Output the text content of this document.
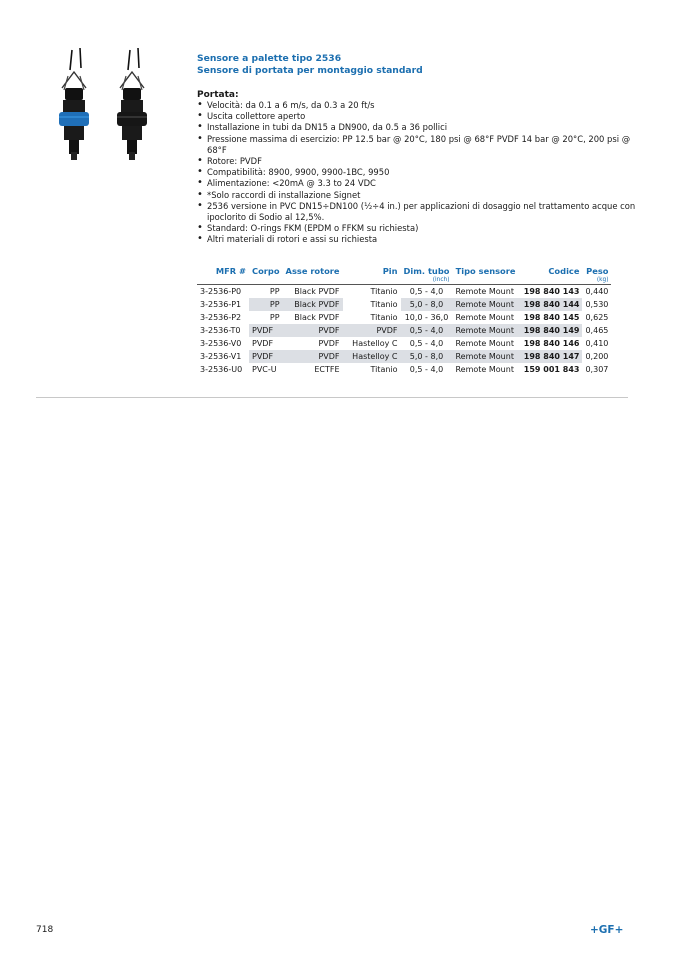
Sensore a palette tipo 2536
Sensore di portata per montaggio standard
Portata:
• Velocità: da 0.1 a 6 m/s, da 0.3 a 20 ft/s
• Uscita collettore aperto
• Installazione in tubi da DN15 a DN900, da 0.5 a 36 pollici
• Pressione massima di esercizio: PP 12.5 bar @ 20°C, 180 psi @ 68°F PVDF 14 bar @ 20°C, 200 psi @ 68°F
• Rotore: PVDF
• Compatibilità: 8900, 9900, 9900-1BC, 9950
• Alimentazione: <20mA @ 3.3 to 24 VDC
• *Solo raccordi di installazione Signet
• 2536 versione in PVC DN15÷DN100 (½÷4 in.) per applicazioni di dosaggio nel trattamento acque con ipoclorito di Sodio al 12,5%.
• Standard: O-rings FKM (EPDM o FFKM su richiesta)
• Altri materiali di rotori e assi su richiesta
MFR #	Corpo	Asse rotore	Pin	Dim. tubo	Tipo sensore	Codice	Peso
				(inch)			(kg)
3-2536-P0	PP	Black PVDF	Titanio	0,5 - 4,0	Remote Mount	198 840 143	0,440
3-2536-P1	PP	Black PVDF	Titanio	5,0 - 8,0	Remote Mount	198 840 144	0,530
3-2536-P2	PP	Black PVDF	Titanio	10,0 - 36,0	Remote Mount	198 840 145	0,625
3-2536-T0	PVDF	PVDF	PVDF	0,5 - 4,0	Remote Mount	198 840 149	0,465
3-2536-V0	PVDF	PVDF	Hastelloy C	0,5 - 4,0	Remote Mount	198 840 146	0,410
3-2536-V1	PVDF	PVDF	Hastelloy C	5,0 - 8,0	Remote Mount	198 840 147	0,200
3-2536-U0	PVC-U	ECTFE	Titanio	0,5 - 4,0	Remote Mount	159 001 843	0,307
718	+GF+
